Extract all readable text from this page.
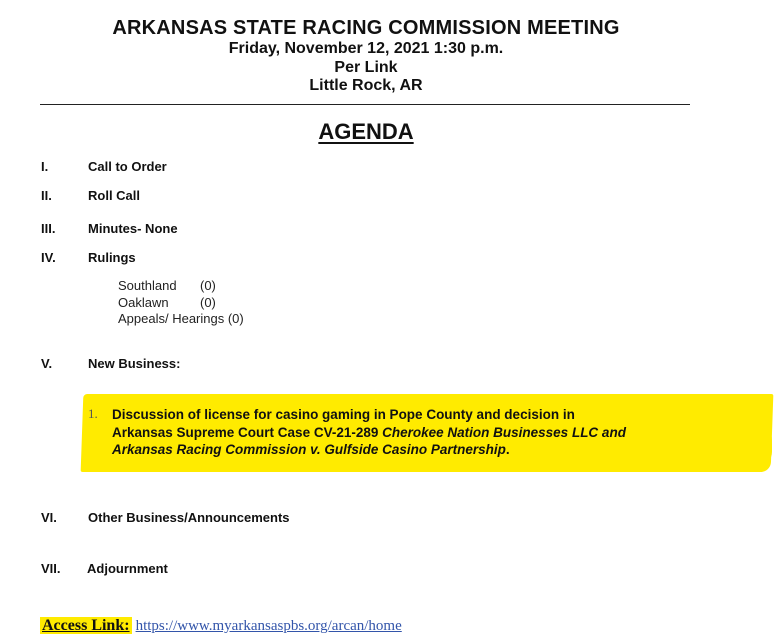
ARKANSAS STATE RACING COMMISSION MEETING
Friday, November 12, 2021 1:30 p.m.
Per Link
Little Rock, AR
AGENDA
I.	Call to Order
II.	Roll Call
III.	Minutes- None
IV. Rulings
Southland (0)
Oaklawn (0)
Appeals/ Hearings (0)
V.	New Business:
1. Discussion of license for casino gaming in Pope County and decision in
Arkansas Supreme Court Case CV-21-289 Cherokee Nation Businesses LLC and
Arkansas Racing Commission v. Gulfside Casino Partnership.
VI. Other Business/Announcements
VII. Adjournment
Access Link: https://www.myarkansaspbs.org/arcan/home
